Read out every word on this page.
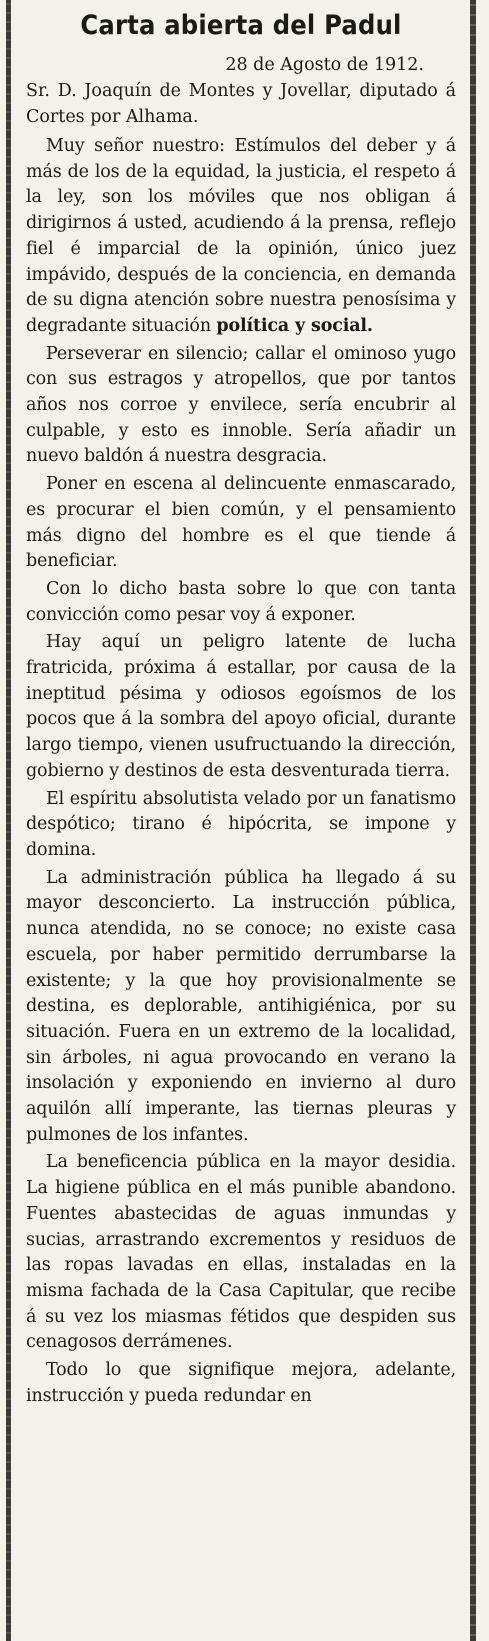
Carta abierta del Padul

28 de Agosto de 1912.

Sr. D. Joaquín de Montes y Jovellar, diputado á Cortes por Alhama.

Muy señor nuestro: Estímulos del deber y á más de los de la equidad, la justicia, el respeto á la ley, son los móviles que nos obligan á dirigirnos á usted, acudiendo á la prensa, reflejo fiel é imparcial de la opinión, único juez impávido, después de la conciencia, en demanda de su digna atención sobre nuestra penosísima y degradante situación política y social.

Perseverar en silencio; callar el ominoso yugo con sus estragos y atropellos, que por tantos años nos corroe y envilece, sería encubrir al culpable, y esto es innoble. Sería añadir un nuevo baldón á nuestra desgracia.

Poner en escena al delincuente enmascarado, es procurar el bien común, y el pensamiento más digno del hombre es el que tiende á beneficiar.

Con lo dicho basta sobre lo que con tanta convicción como pesar voy á exponer.

Hay aquí un peligro latente de lucha fratricida, próxima á estallar, por causa de la ineptitud pésima y odiosos egoísmos de los pocos que á la sombra del apoyo oficial, durante largo tiempo, vienen usufructuando la dirección, gobierno y destinos de esta desventurada tierra.

El espíritu absolutista velado por un fanatismo despótico; tirano é hipócrita, se impone y domina.

La administración pública ha llegado á su mayor desconcierto. La instrucción pública, nunca atendida, no se conoce; no existe casa escuela, por haber permitido derrumbarse la existente; y la que hoy provisionalmente se destina, es deplorable, antihigiénica, por su situación. Fuera en un extremo de la localidad, sin árboles, ni agua provocando en verano la insolación y exponiendo en invierno al duro aquilón allí imperante, las tiernas pleuras y pulmones de los infantes.

La beneficencia pública en la mayor desidia. La higiene pública en el más punible abandono. Fuentes abastecidas de aguas inmundas y sucias, arrastrando excrementos y residuos de las ropas lavadas en ellas, instaladas en la misma fachada de la Casa Capitular, que recibe á su vez los miasmas fétidos que despiden sus cenagosos derrámenes.

Todo lo que signifique mejora, adelante, instrucción y pueda redundar en
